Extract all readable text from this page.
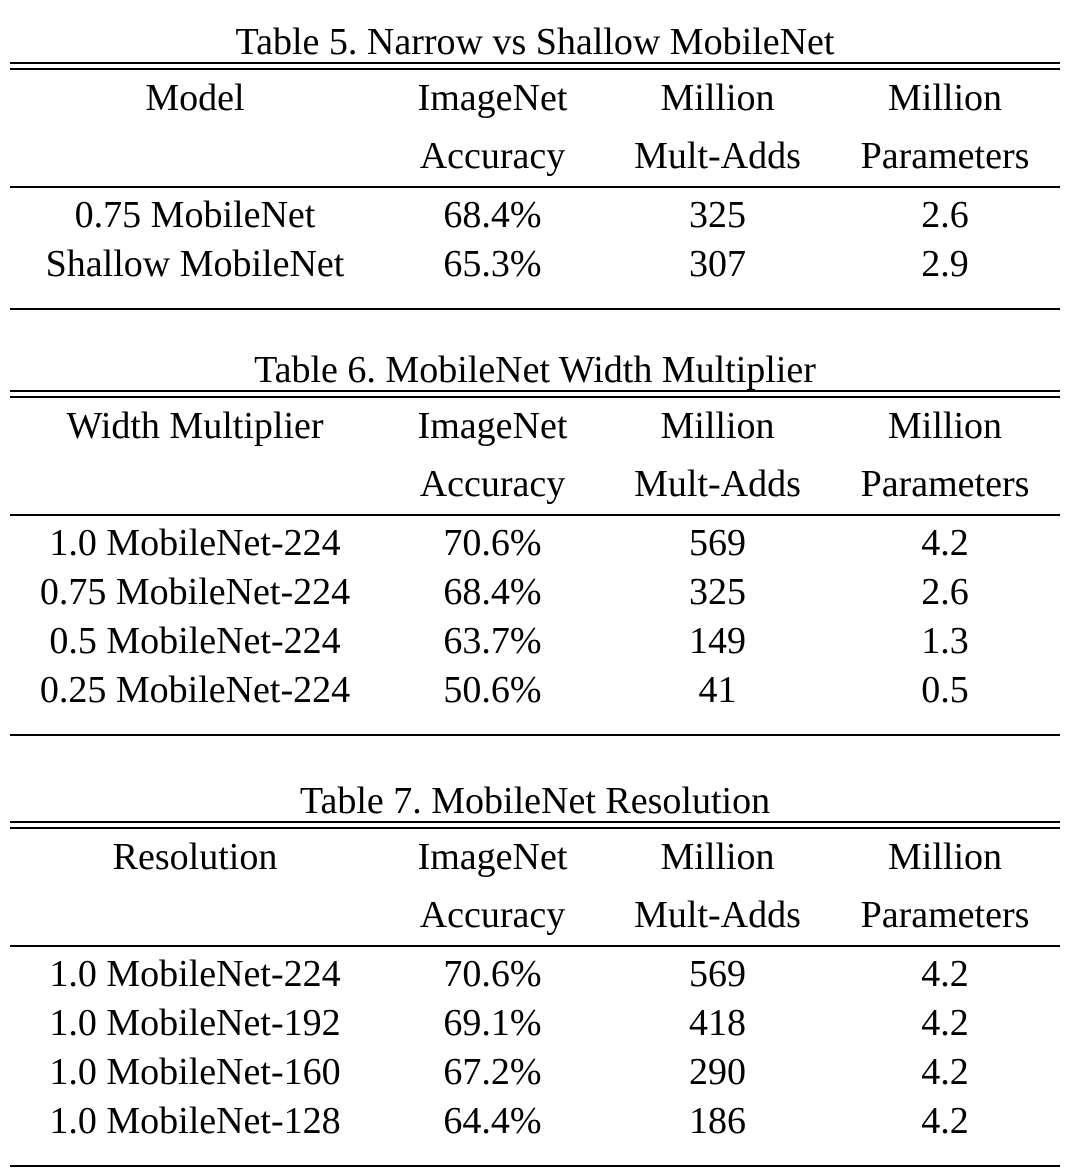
Table 5. Narrow vs Shallow MobileNet
Model	ImageNet	Million	Million
	Accuracy	Mult-Adds	Parameters
0.75 MobileNet	68.4%	325	2.6
Shallow MobileNet	65.3%	307	2.9
Table 6. MobileNet Width Multiplier
Width Multiplier	ImageNet	Million	Million
	Accuracy	Mult-Adds	Parameters
1.0 MobileNet-224	70.6%	569	4.2
0.75 MobileNet-224	68.4%	325	2.6
0.5 MobileNet-224	63.7%	149	1.3
0.25 MobileNet-224	50.6%	41	0.5
Table 7. MobileNet Resolution
Resolution	ImageNet	Million	Million
	Accuracy	Mult-Adds	Parameters
1.0 MobileNet-224	70.6%	569	4.2
1.0 MobileNet-192	69.1%	418	4.2
1.0 MobileNet-160	67.2%	290	4.2
1.0 MobileNet-128	64.4%	186	4.2
